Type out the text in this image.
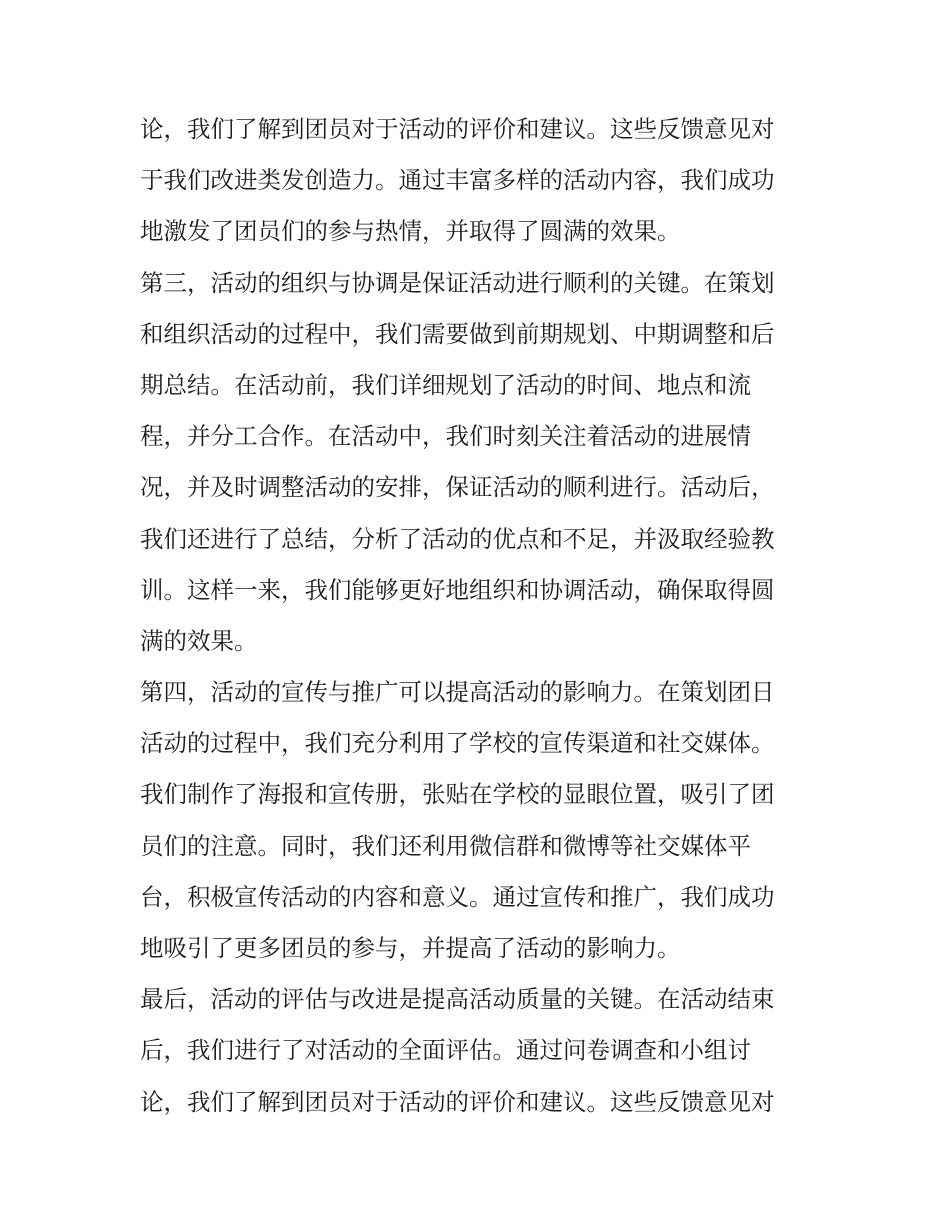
论，我们了解到团员对于活动的评价和建议。这些反馈意见对
于我们改进类发创造力。通过丰富多样的活动内容，我们成功
地激发了团员们的参与热情，并取得了圆满的效果。
第三，活动的组织与协调是保证活动进行顺利的关键。在策划
和组织活动的过程中，我们需要做到前期规划、中期调整和后
期总结。在活动前，我们详细规划了活动的时间、地点和流
程，并分工合作。在活动中，我们时刻关注着活动的进展情
况，并及时调整活动的安排，保证活动的顺利进行。活动后，
我们还进行了总结，分析了活动的优点和不足，并汲取经验教
训。这样一来，我们能够更好地组织和协调活动，确保取得圆
满的效果。
第四，活动的宣传与推广可以提高活动的影响力。在策划团日
活动的过程中，我们充分利用了学校的宣传渠道和社交媒体。
我们制作了海报和宣传册，张贴在学校的显眼位置，吸引了团
员们的注意。同时，我们还利用微信群和微博等社交媒体平
台，积极宣传活动的内容和意义。通过宣传和推广，我们成功
地吸引了更多团员的参与，并提高了活动的影响力。
最后，活动的评估与改进是提高活动质量的关键。在活动结束
后，我们进行了对活动的全面评估。通过问卷调查和小组讨
论，我们了解到团员对于活动的评价和建议。这些反馈意见对
